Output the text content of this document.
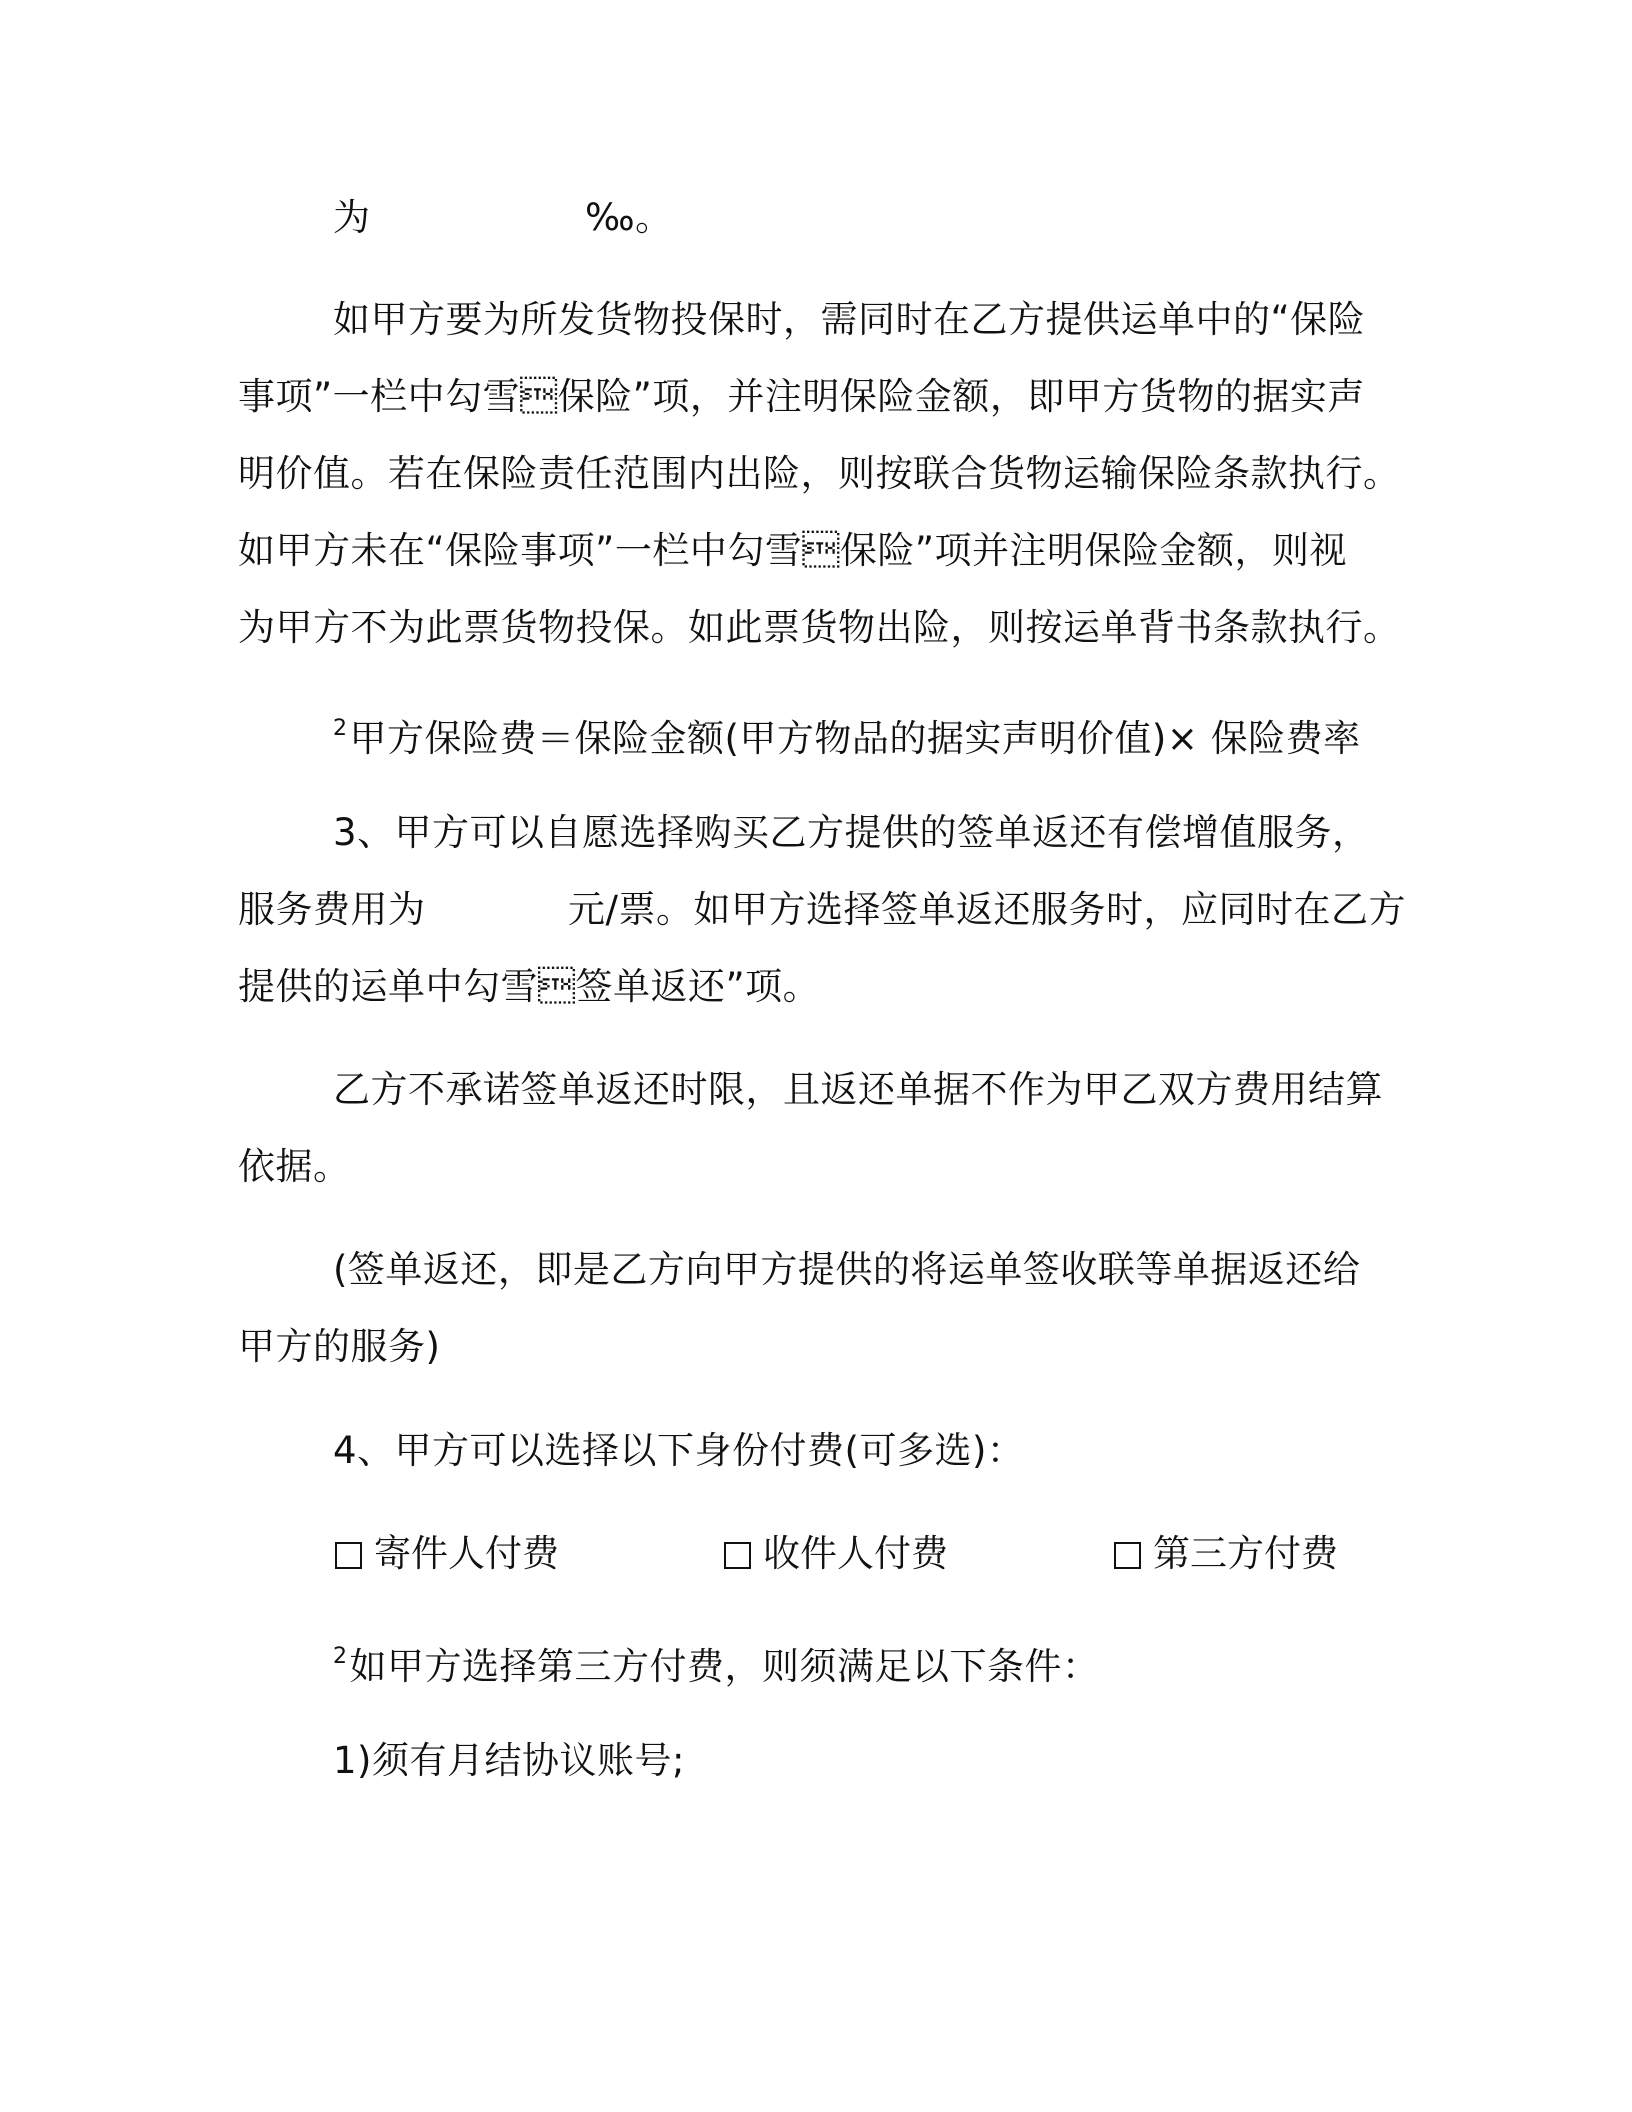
为	‰。
如甲方要为所发货物投保时，需同时在乙方提供运单中的“保险
事项”一栏中勾雪保险”项，并注明保险金额，即甲方货物的据实声
明价值。若在保险责任范围内出险，则按联合货物运输保险条款执行。
如甲方未在“保险事项”一栏中勾雪保险”项并注明保险金额，则视
为甲方不为此票货物投保。如此票货物出险，则按运单背书条款执行。
$^2$甲方保险费＝保险金额(甲方物品的据实声明价值)× 保险费率
3、甲方可以自愿选择购买乙方提供的签单返还有偿增值服务，
服务费用为	元/票。如甲方选择签单返还服务时，应同时在乙方
提供的运单中勾雪签单返还”项。
乙方不承诺签单返还时限，且返还单据不作为甲乙双方费用结算
依据。
(签单返还，即是乙方向甲方提供的将运单签收联等单据返还给
甲方的服务)
4、甲方可以选择以下身份付费(可多选)：
寄件人付费	收件人付费	第三方付费
$^2$如甲方选择第三方付费，则须满足以下条件：
1)须有月结协议账号;
